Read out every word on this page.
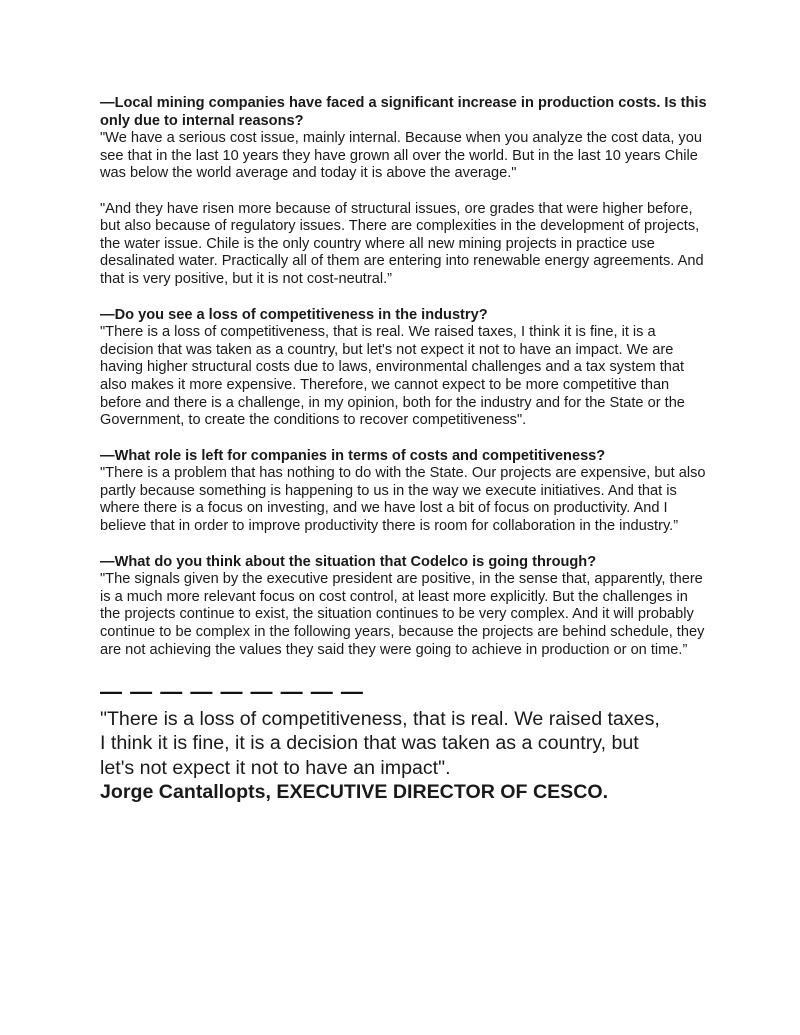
—Local mining companies have faced a significant increase in production costs. Is this only due to internal reasons?

"We have a serious cost issue, mainly internal. Because when you analyze the cost data, you see that in the last 10 years they have grown all over the world. But in the last 10 years Chile was below the world average and today it is above the average."

"And they have risen more because of structural issues, ore grades that were higher before, but also because of regulatory issues. There are complexities in the development of projects, the water issue. Chile is the only country where all new mining projects in practice use desalinated water. Practically all of them are entering into renewable energy agreements. And that is very positive, but it is not cost-neutral.”

—Do you see a loss of competitiveness in the industry?

"There is a loss of competitiveness, that is real. We raised taxes, I think it is fine, it is a decision that was taken as a country, but let's not expect it not to have an impact. We are having higher structural costs due to laws, environmental challenges and a tax system that also makes it more expensive. Therefore, we cannot expect to be more competitive than before and there is a challenge, in my opinion, both for the industry and for the State or the Government, to create the conditions to recover competitiveness".

—What role is left for companies in terms of costs and competitiveness?

"There is a problem that has nothing to do with the State. Our projects are expensive, but also partly because something is happening to us in the way we execute initiatives. And that is where there is a focus on investing, and we have lost a bit of focus on productivity. And I believe that in order to improve productivity there is room for collaboration in the industry.”

—What do you think about the situation that Codelco is going through?

"The signals given by the executive president are positive, in the sense that, apparently, there is a much more relevant focus on cost control, at least more explicitly. But the challenges in the projects continue to exist, the situation continues to be very complex. And it will probably continue to be complex in the following years, because the projects are behind schedule, they are not achieving the values they said they were going to achieve in production or on time.”

— — — — — — — — —

"There is a loss of competitiveness, that is real. We raised taxes, I think it is fine, it is a decision that was taken as a country, but let's not expect it not to have an impact".

Jorge Cantallopts, EXECUTIVE DIRECTOR OF CESCO.
